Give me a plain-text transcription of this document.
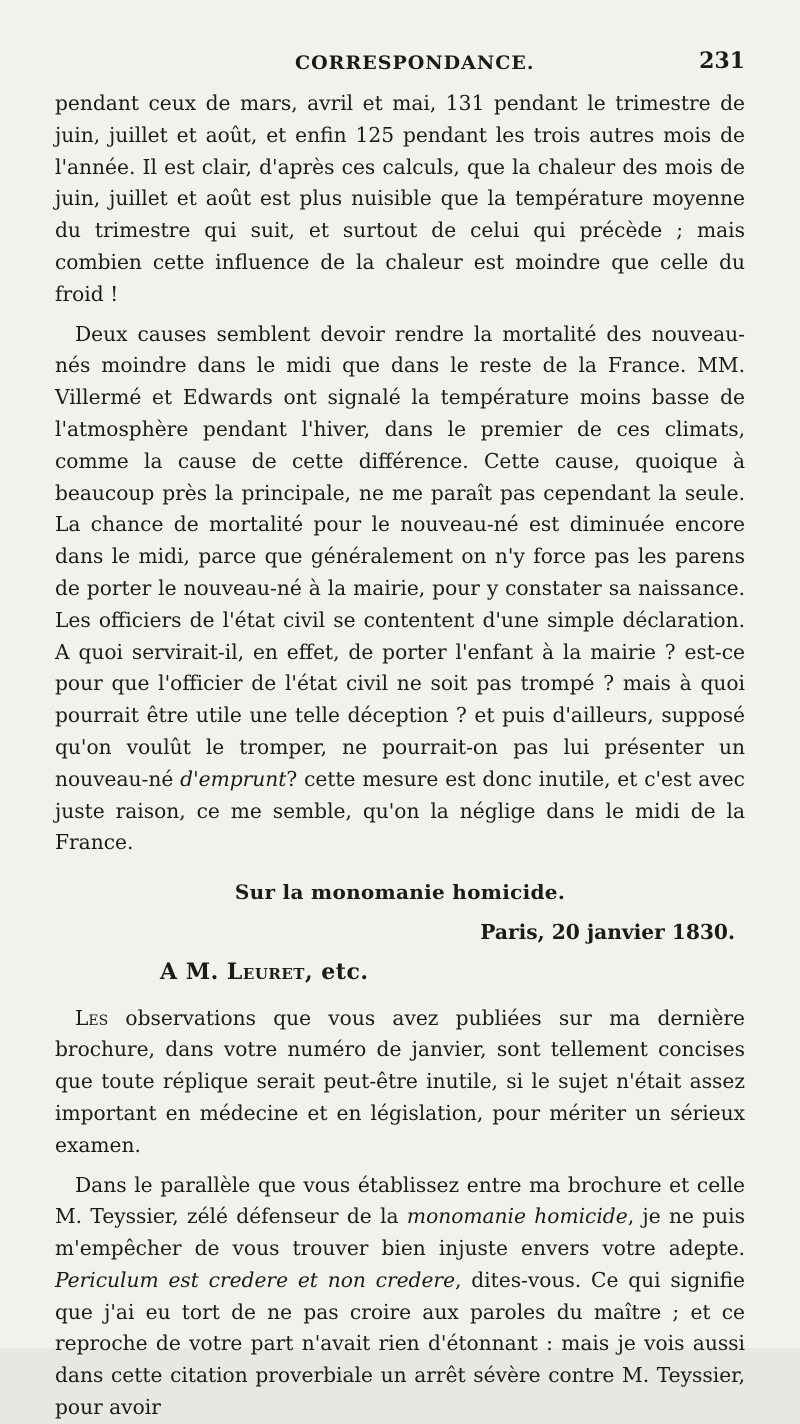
CORRESPONDANCE.	231

pendant ceux de mars, avril et mai, 131 pendant le trimestre de juin, juillet et août, et enfin 125 pendant les trois autres mois de l'année. Il est clair, d'après ces calculs, que la chaleur des mois de juin, juillet et août est plus nuisible que la température moyenne du trimestre qui suit, et surtout de celui qui précède ; mais combien cette influence de la chaleur est moindre que celle du froid !

Deux causes semblent devoir rendre la mortalité des nouveau-nés moindre dans le midi que dans le reste de la France. MM. Villermé et Edwards ont signalé la température moins basse de l'atmosphère pendant l'hiver, dans le premier de ces climats, comme la cause de cette différence. Cette cause, quoique à beaucoup près la principale, ne me paraît pas cependant la seule. La chance de mortalité pour le nouveau-né est diminuée encore dans le midi, parce que généralement on n'y force pas les parens de porter le nouveau-né à la mairie, pour y constater sa naissance. Les officiers de l'état civil se contentent d'une simple déclaration. A quoi servirait-il, en effet, de porter l'enfant à la mairie ? est-ce pour que l'officier de l'état civil ne soit pas trompé ? mais à quoi pourrait être utile une telle déception ? et puis d'ailleurs, supposé qu'on voulût le tromper, ne pourrait-on pas lui présenter un nouveau-né d'emprunt? cette mesure est donc inutile, et c'est avec juste raison, ce me semble, qu'on la néglige dans le midi de la France.

Sur la monomanie homicide.
Paris, 20 janvier 1830.
A M. Leuret, etc.

Les observations que vous avez publiées sur ma dernière brochure, dans votre numéro de janvier, sont tellement concises que toute réplique serait peut-être inutile, si le sujet n'était assez important en médecine et en législation, pour mériter un sérieux examen.

Dans le parallèle que vous établissez entre ma brochure et celle M. Teyssier, zélé défenseur de la monomanie homicide, je ne puis m'empêcher de vous trouver bien injuste envers votre adepte. Periculum est credere et non credere, dites-vous. Ce qui signifie que j'ai eu tort de ne pas croire aux paroles du maître ; et ce reproche de votre part n'avait rien d'étonnant : mais je vois aussi dans cette citation proverbiale un arrêt sévère contre M. Teyssier, pour avoir
